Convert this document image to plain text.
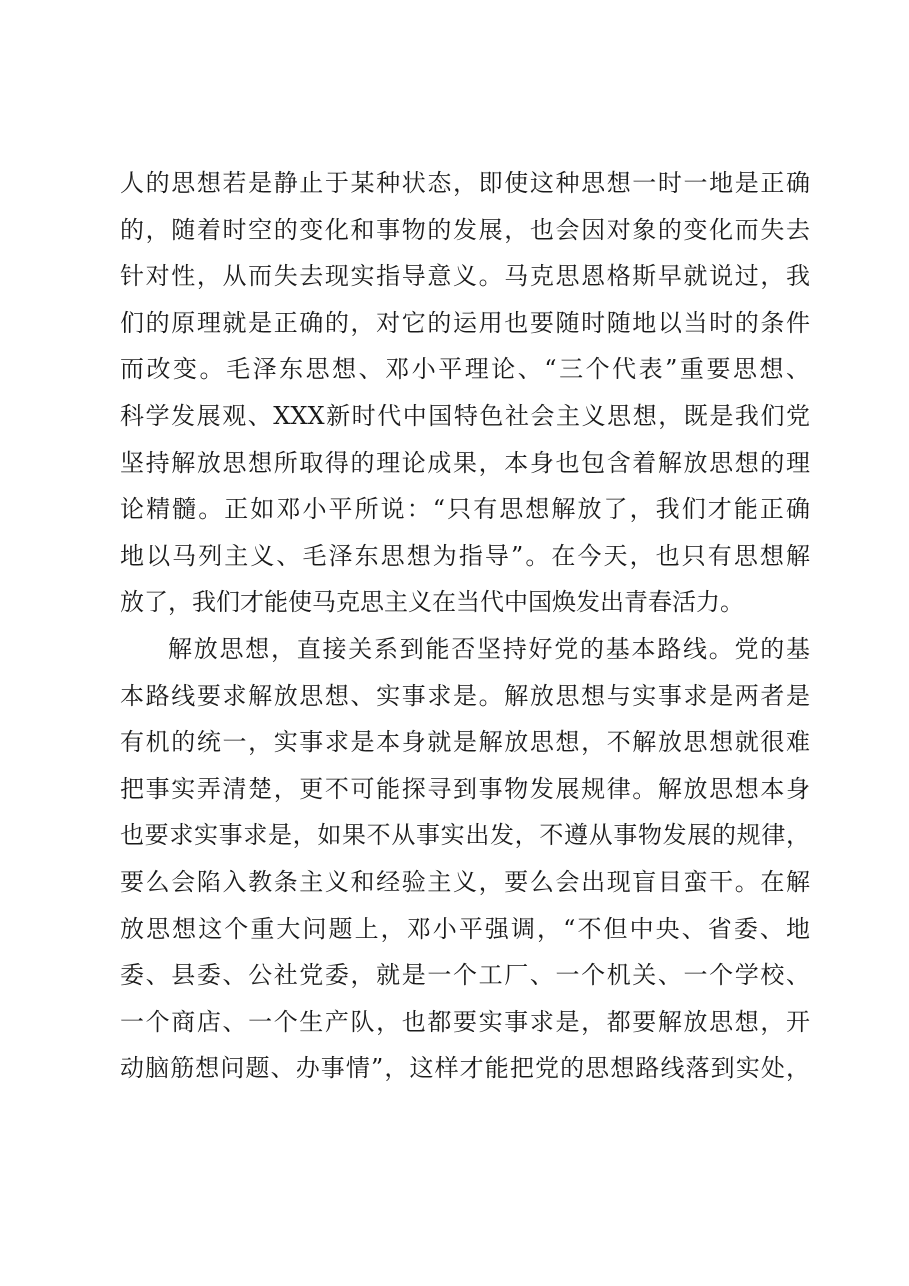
人的思想若是静止于某种状态，即使这种思想一时一地是正确
的，随着时空的变化和事物的发展，也会因对象的变化而失去
针对性，从而失去现实指导意义。马克思恩格斯早就说过，我
们的原理就是正确的，对它的运用也要随时随地以当时的条件
而改变。毛泽东思想、邓小平理论、“三个代表”重要思想、
科学发展观、XXX新时代中国特色社会主义思想，既是我们党
坚持解放思想所取得的理论成果，本身也包含着解放思想的理
论精髓。正如邓小平所说：“只有思想解放了，我们才能正确
地以马列主义、毛泽东思想为指导”。在今天，也只有思想解
放了，我们才能使马克思主义在当代中国焕发出青春活力。
解放思想，直接关系到能否坚持好党的基本路线。党的基
本路线要求解放思想、实事求是。解放思想与实事求是两者是
有机的统一，实事求是本身就是解放思想，不解放思想就很难
把事实弄清楚，更不可能探寻到事物发展规律。解放思想本身
也要求实事求是，如果不从事实出发，不遵从事物发展的规律，
要么会陷入教条主义和经验主义，要么会出现盲目蛮干。在解
放思想这个重大问题上，邓小平强调，“不但中央、省委、地
委、县委、公社党委，就是一个工厂、一个机关、一个学校、
一个商店、一个生产队，也都要实事求是，都要解放思想，开
动脑筋想问题、办事情”，这样才能把党的思想路线落到实处，
